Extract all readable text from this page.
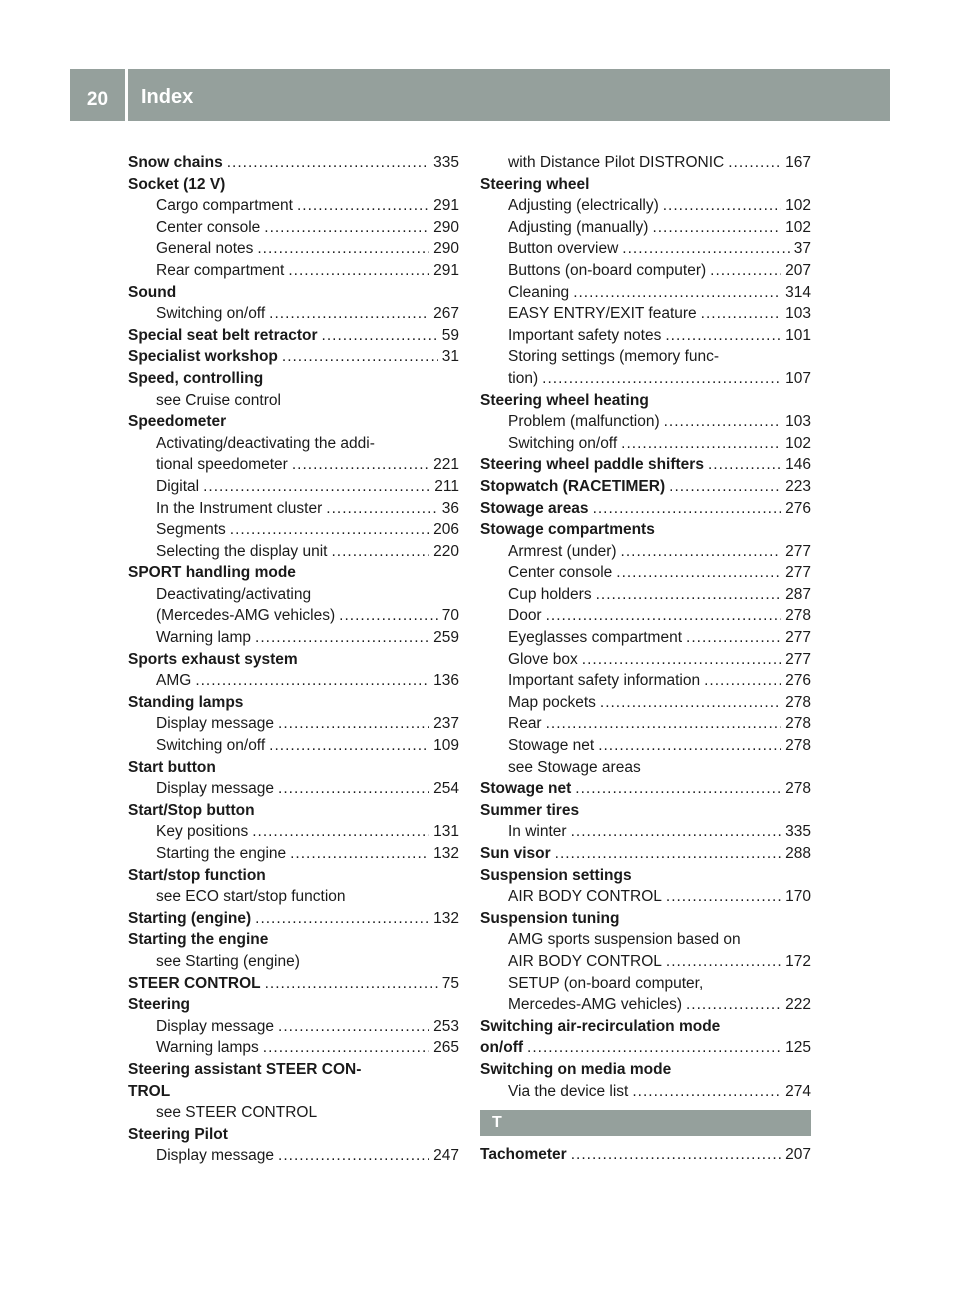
20	Index
Snow chains .....	335
Socket (12 V)
Cargo compartment .....	291
Center console .....	290
General notes .....	290
Rear compartment .....	291
Sound
Switching on/off .....	267
Special seat belt retractor .....	59
Specialist workshop .....	31
Speed, controlling
see Cruise control
Speedometer
Activating/deactivating the addi-
tional speedometer .....	221
Digital .....	211
In the Instrument cluster .....	36
Segments .....	206
Selecting the display unit .....	220
SPORT handling mode
Deactivating/activating
(Mercedes-AMG vehicles) .....	70
Warning lamp .....	259
Sports exhaust system
AMG .....	136
Standing lamps
Display message .....	237
Switching on/off .....	109
Start button
Display message .....	254
Start/Stop button
Key positions .....	131
Starting the engine .....	132
Start/stop function
see ECO start/stop function
Starting (engine) .....	132
Starting the engine
see Starting (engine)
STEER CONTROL .....	75
Steering
Display message .....	253
Warning lamps .....	265
Steering assistant STEER CON-
TROL
see STEER CONTROL
Steering Pilot
Display message .....	247
with Distance Pilot DISTRONIC .....	167
Steering wheel
Adjusting (electrically) .....	102
Adjusting (manually) .....	102
Button overview .....	37
Buttons (on-board computer) .....	207
Cleaning .....	314
EASY ENTRY/EXIT feature .....	103
Important safety notes .....	101
Storing settings (memory func-
tion) .....	107
Steering wheel heating
Problem (malfunction) .....	103
Switching on/off .....	102
Steering wheel paddle shifters .....	146
Stopwatch (RACETIMER) .....	223
Stowage areas .....	276
Stowage compartments
Armrest (under) .....	277
Center console .....	277
Cup holders .....	287
Door .....	278
Eyeglasses compartment .....	277
Glove box .....	277
Important safety information .....	276
Map pockets .....	278
Rear .....	278
Stowage net .....	278
see Stowage areas
Stowage net .....	278
Summer tires
In winter .....	335
Sun visor .....	288
Suspension settings
AIR BODY CONTROL .....	170
Suspension tuning
AMG sports suspension based on
AIR BODY CONTROL .....	172
SETUP (on-board computer,
Mercedes-AMG vehicles) .....	222
Switching air-recirculation mode
on/off .....	125
Switching on media mode
Via the device list .....	274
T
Tachometer .....	207
